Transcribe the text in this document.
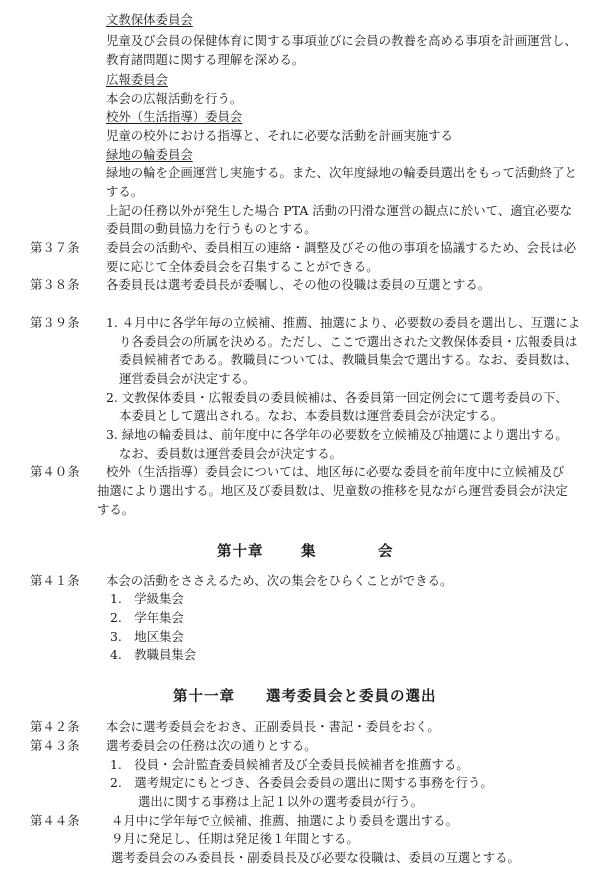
文教保体委員会
児童及び会員の保健体育に関する事項並びに会員の教養を高める事項を計画運営し、
教育諸問題に関する理解を深める。
広報委員会
本会の広報活動を行う。
校外（生活指導）委員会
児童の校外における指導と、それに必要な活動を計画実施する
緑地の輪委員会
緑地の輪を企画運営し実施する。また、次年度緑地の輪委員選出をもって活動終了と
する。
上記の任務以外が発生した場合 PTA 活動の円滑な運営の観点に於いて、適宜必要な
委員間の動員協力を行うものとする。
第３７条 委員会の活動や、委員相互の連絡・調整及びその他の事項を協議するため、会長は必
要に応じて全体委員会を召集することができる。
第３８条 各委員長は選考委員長が委嘱し、その他の役職は委員の互選とする。
第３９条 1. ４月中に各学年毎の立候補、推薦、抽選により、必要数の委員を選出し、互選によ
り各委員会の所属を決める。ただし、ここで選出された文教保体委員・広報委員は
委員候補者である。教職員については、教職員集会で選出する。なお、委員数は、
運営委員会が決定する。
2. 文教保体委員・広報委員の委員候補は、各委員第一回定例会にて選考委員の下、
本委員として選出される。なお、本委員数は運営委員会が決定する。
3. 緑地の輪委員は、前年度中に各学年の必要数を立候補及び抽選により選出する。
なお、委員数は運営委員会が決定する。
第４０条 校外（生活指導）委員会については、地区毎に必要な委員を前年度中に立候補及び
抽選により選出する。地区及び委員数は、児童数の推移を見ながら運営委員会が決定
する。
第十章	集	会
第４１条 本会の活動をささえるため、次の集会をひらくことができる。
1.　学級集会
2.　学年集会
3.　地区集会
4.　教職員集会
第十一章 選考委員会と委員の選出
第４２条 本会に選考委員会をおき、正副委員長・書記・委員をおく。
第４３条 選考委員会の任務は次の通りとする。
1.　役員・会計監査委員候補者及び全委員長候補者を推薦する。
2.　選考規定にもとづき、各委員会委員の選出に関する事務を行う。
選出に関する事務は上記１以外の選考委員が行う。
第４４条	４月中に学年毎で立候補、推薦、抽選により委員を選出する。
９月に発足し、任期は発足後１年間とする。
選考委員会のみ委員長・副委員長及び必要な役職は、委員の互選とする。
